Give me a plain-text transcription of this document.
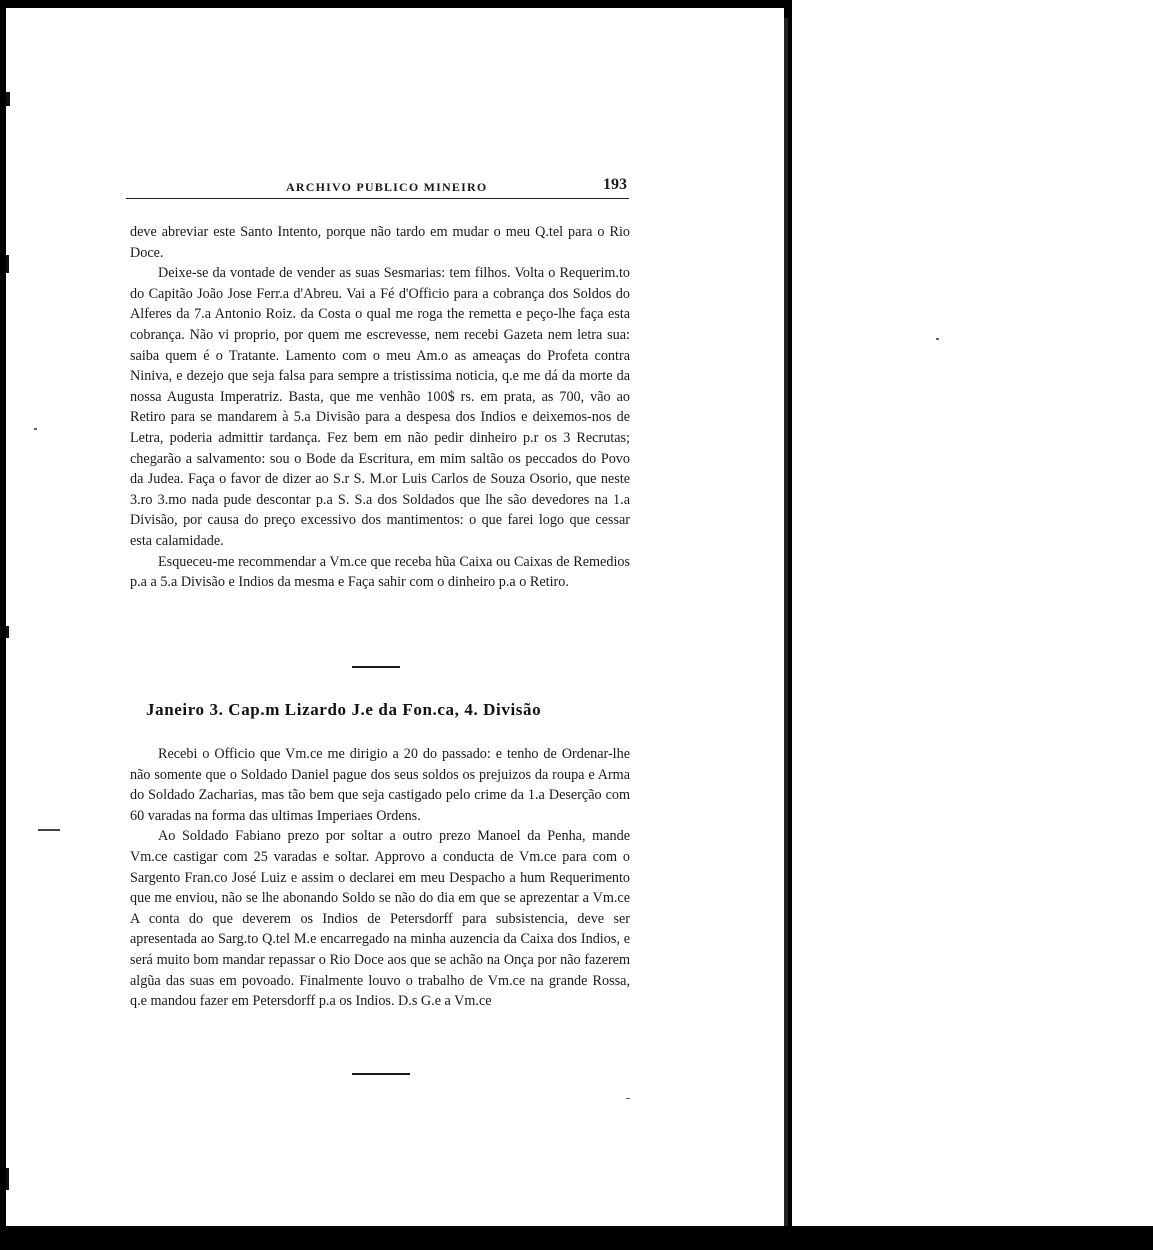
ARCHIVO PUBLICO MINEIRO	193

deve abreviar este Santo Intento, porque não tardo em mudar o meu Q.tel para o Rio Doce.

Deixe-se da vontade de vender as suas Sesmarias: tem filhos. Volta o Requerim.to do Capitão João Jose Ferr.a d'Abreu. Vai a Fé d'Officio para a cobrança dos Soldos do Alferes da 7.a Antonio Roiz. da Costa o qual me roga the remetta e peço-lhe faça esta cobrança. Não vi proprio, por quem me escrevesse, nem recebi Gazeta nem letra sua: saiba quem é o Tratante. Lamento com o meu Am.o as ameaças do Profeta contra Niniva, e dezejo que seja falsa para sempre a tristissima noticia, q.e me dá da morte da nossa Augusta Imperatriz. Basta, que me venhão 100$ rs. em prata, as 700, vão ao Retiro para se mandarem à 5.a Divisão para a despesa dos Indios e deixemos-nos de Letra, poderia admittir tardança. Fez bem em não pedir dinheiro p.r os 3 Recrutas; chegarão a salvamento: sou o Bode da Escritura, em mim saltão os peccados do Povo da Judea. Faça o favor de dizer ao S.r S. M.or Luis Carlos de Souza Osorio, que neste 3.ro 3.mo nada pude descontar p.a S. S.a dos Soldados que lhe são devedores na 1.a Divisão, por causa do preço excessivo dos mantimentos: o que farei logo que cessar esta calamidade.

Esqueceu-me recommendar a Vm.ce que receba hũa Caixa ou Caixas de Remedios p.a a 5.a Divisão e Indios da mesma e Faça sahir com o dinheiro p.a o Retiro.

Janeiro 3. Cap.m Lizardo J.e da Fon.ca, 4. Divisão

Recebi o Officio que Vm.ce me dirigio a 20 do passado: e tenho de Ordenar-lhe não somente que o Soldado Daniel pague dos seus soldos os prejuizos da roupa e Arma do Soldado Zacharias, mas tão bem que seja castigado pelo crime da 1.a Deserção com 60 varadas na forma das ultimas Imperiaes Ordens.

Ao Soldado Fabiano prezo por soltar a outro prezo Manoel da Penha, mande Vm.ce castigar com 25 varadas e soltar. Approvo a conducta de Vm.ce para com o Sargento Fran.co José Luiz e assim o declarei em meu Despacho a hum Requerimento que me enviou, não se lhe abonando Soldo se não do dia em que se aprezentar a Vm.ce A conta do que deverem os Indios de Petersdorff para subsistencia, deve ser apresentada ao Sarg.to Q.tel M.e encarregado na minha auzencia da Caixa dos Indios, e será muito bom mandar repassar o Rio Doce aos que se achão na Onça por não fazerem algũa das suas em povoado. Finalmente louvo o trabalho de Vm.ce na grande Rossa, q.e mandou fazer em Petersdorff p.a os Indios. D.s G.e a Vm.ce
